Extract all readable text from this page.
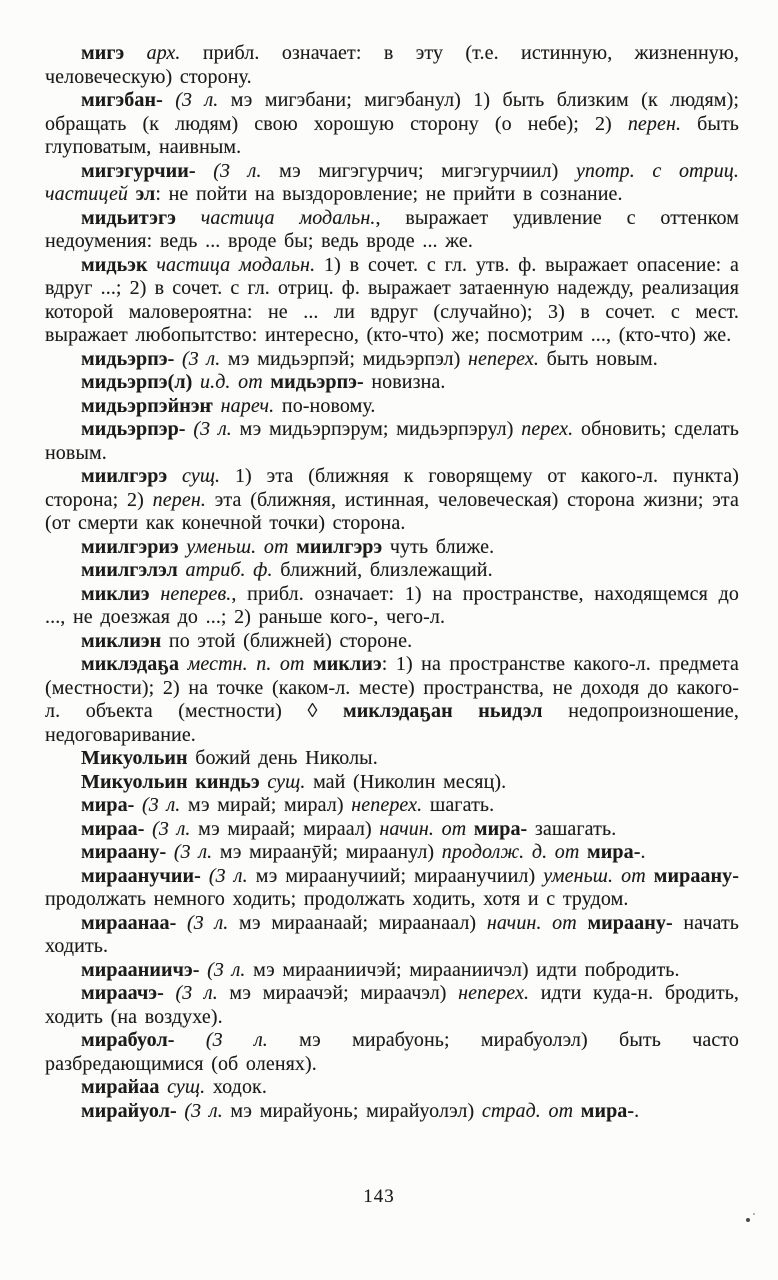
мигэ арх. прибл. означает: в эту (т.е. истинную, жизненную, человеческую) сторону.

мигэбан- (3 л. мэ мигэбани; мигэбанул) 1) быть близким (к людям); обращать (к людям) свою хорошую сторону (о небе); 2) перен. быть глуповатым, наивным.

мигэгурчии- (3 л. мэ мигэгурчич; мигэгурчиил) употр. с отриц. частицей эл: не пойти на выздоровление; не прийти в сознание.

мидьитэгэ частица модальн., выражает удивление с оттенком недоумения: ведь ... вроде бы; ведь вроде ... же.

мидьэк частица модальн. 1) в сочет. с гл. утв. ф. выражает опасение: а вдруг ...; 2) в сочет. с гл. отриц. ф. выражает затаенную надежду, реализация которой маловероятна: не ... ли вдруг (случайно); 3) в сочет. с мест. выражает любопытство: интересно, (кто-что) же; посмотрим ..., (кто-что) же.

мидьэрпэ- (3 л. мэ мидьэрпэй; мидьэрпэл) неперех. быть новым.

мидьэрпэ(л) и.д. от мидьэрпэ- новизна.

мидьэрпэйнэҥ нареч. по-новому.

мидьэрпэр- (3 л. мэ мидьэрпэрум; мидьэрпэрул) перех. обновить; сделать новым.

миилгэрэ сущ. 1) эта (ближняя к говорящему от какого-л. пункта) сторона; 2) перен. эта (ближняя, истинная, человеческая) сторона жизни; эта (от смерти как конечной точки) сторона.

миилгэриэ уменьш. от миилгэрэ чуть ближе.

миилгэлэл атриб. ф. ближний, близлежащий.

миклиэ неперев., прибл. означает: 1) на пространстве, находящемся до ..., не доезжая до ...; 2) раньше кого-, чего-л.

миклиэн по этой (ближней) стороне.

миклэдаҕа местн. п. от миклиэ: 1) на пространстве какого-л. предмета (местности); 2) на точке (каком-л. месте) пространства, не доходя до какого-л. объекта (местности) ◊ миклэдаҕан ньидэл недопроизношение, недоговаривание.

Микуольин божий день Николы.

Микуольин киндьэ сущ. май (Николин месяц).

мира- (3 л. мэ мирай; мирал) неперех. шагать.

мираа- (3 л. мэ мираай; мираал) начин. от мира- зашагать.

мираану- (3 л. мэ мираанӯй; мираанул) продолж. д. от мира-.

мираанучии- (3 л. мэ мираанучиий; мираанучиил) уменьш. от мираану- продолжать немного ходить; продолжать ходить, хотя и с трудом.

мираанаа- (3 л. мэ мираанаай; мираанаал) начин. от мираану- начать ходить.

мирааниичэ- (3 л. мэ мирааниичэй; мирааниичэл) идти побродить.

мираачэ- (3 л. мэ мираачэй; мираачэл) неперех. идти куда-н. бродить, ходить (на воздухе).

мирабуол- (3 л. мэ мирабуонь; мирабуолэл) быть часто разбредающимися (об оленях).

мирайаа сущ. ходок.

мирайуол- (3 л. мэ мирайуонь; мирайуолэл) страд. от мира-.

143
